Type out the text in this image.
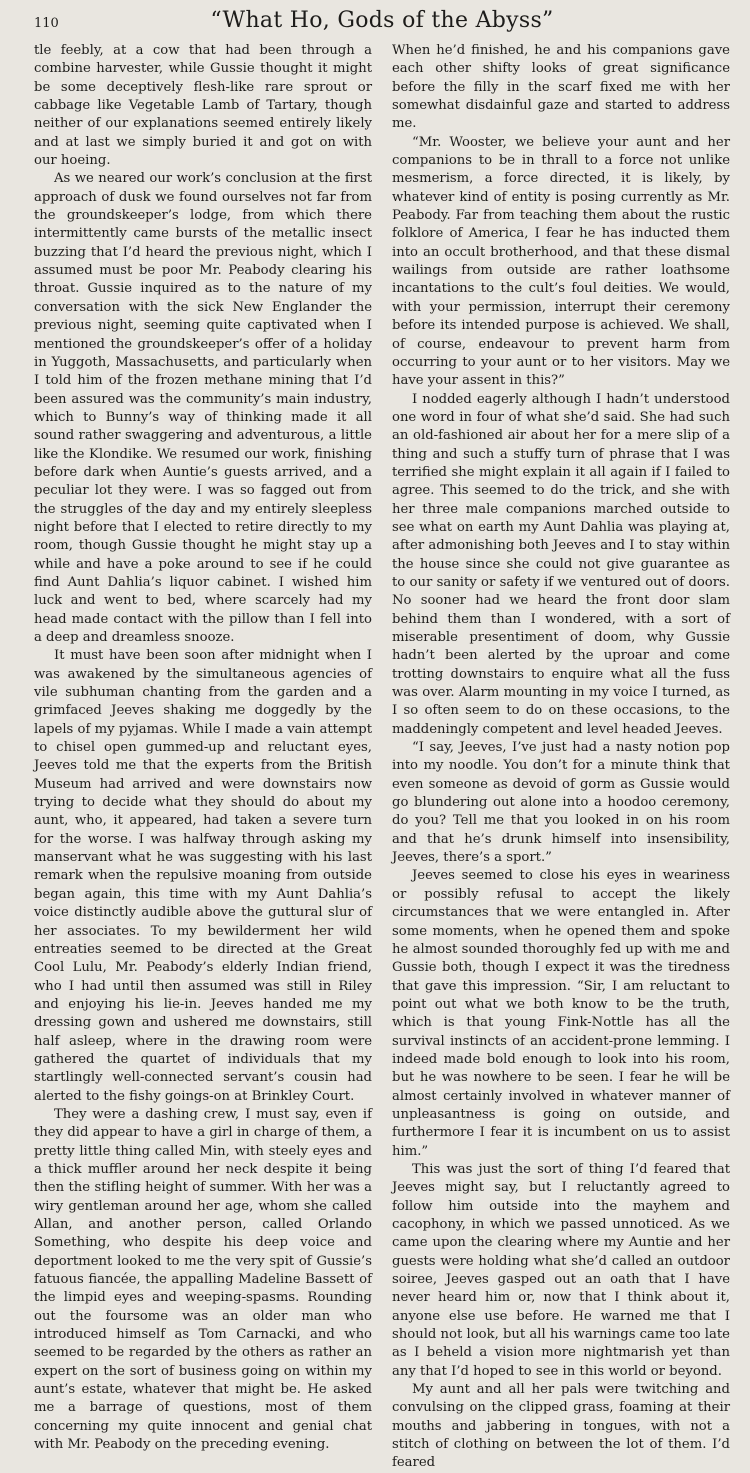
110	“What Ho, Gods of the Abyss”

tle feebly, at a cow that had been through a combine harvester, while Gussie thought it might be some deceptively flesh-like rare sprout or cabbage like Vegetable Lamb of Tartary, though neither of our explanations seemed entirely likely and at last we simply buried it and got on with our hoeing.

As we neared our work’s conclusion at the first approach of dusk we found ourselves not far from the groundskeeper’s lodge, from which there intermittently came bursts of the metallic insect buzzing that I’d heard the previous night, which I assumed must be poor Mr. Peabody clearing his throat. Gussie inquired as to the nature of my conversation with the sick New Englander the previous night, seeming quite captivated when I mentioned the groundskeeper’s offer of a holiday in Yuggoth, Massachusetts, and particularly when I told him of the frozen methane mining that I’d been assured was the community’s main industry, which to Bunny’s way of thinking made it all sound rather swaggering and adventurous, a little like the Klondike. We resumed our work, finishing before dark when Auntie’s guests arrived, and a peculiar lot they were. I was so fagged out from the struggles of the day and my entirely sleepless night before that I elected to retire directly to my room, though Gussie thought he might stay up a while and have a poke around to see if he could find Aunt Dahlia’s liquor cabinet. I wished him luck and went to bed, where scarcely had my head made contact with the pillow than I fell into a deep and dreamless snooze.

It must have been soon after midnight when I was awakened by the simultaneous agencies of vile subhuman chanting from the garden and a grimfaced Jeeves shaking me doggedly by the lapels of my pyjamas. While I made a vain attempt to chisel open gummed-up and reluctant eyes, Jeeves told me that the experts from the British Museum had arrived and were downstairs now trying to decide what they should do about my aunt, who, it appeared, had taken a severe turn for the worse. I was halfway through asking my manservant what he was suggesting with his last remark when the repulsive moaning from outside began again, this time with my Aunt Dahlia’s voice distinctly audible above the guttural slur of her associates. To my bewilderment her wild entreaties seemed to be directed at the Great Cool Lulu, Mr. Peabody’s elderly Indian friend, who I had until then assumed was still in Riley and enjoying his lie-in. Jeeves handed me my dressing gown and ushered me downstairs, still half asleep, where in the drawing room were gathered the quartet of individuals that my startlingly well-connected servant’s cousin had alerted to the fishy goings-on at Brinkley Court.

They were a dashing crew, I must say, even if they did appear to have a girl in charge of them, a pretty little thing called Min, with steely eyes and a thick muffler around her neck despite it being then the stifling height of summer. With her was a wiry gentleman around her age, whom she called Allan, and another person, called Orlando Something, who despite his deep voice and deportment looked to me the very spit of Gussie’s fatuous fiancée, the appalling Madeline Bassett of the limpid eyes and weeping-spasms. Rounding out the foursome was an older man who introduced himself as Tom Carnacki, and who seemed to be regarded by the others as rather an expert on the sort of business going on within my aunt’s estate, whatever that might be. He asked me a barrage of questions, most of them concerning my quite innocent and genial chat with Mr. Peabody on the preceding evening.

When he’d finished, he and his companions gave each other shifty looks of great significance before the filly in the scarf fixed me with her somewhat disdainful gaze and started to address me.

“Mr. Wooster, we believe your aunt and her companions to be in thrall to a force not unlike mesmerism, a force directed, it is likely, by whatever kind of entity is posing currently as Mr. Peabody. Far from teaching them about the rustic folklore of America, I fear he has inducted them into an occult brotherhood, and that these dismal wailings from outside are rather loathsome incantations to the cult’s foul deities. We would, with your permission, interrupt their ceremony before its intended purpose is achieved. We shall, of course, endeavour to prevent harm from occurring to your aunt or to her visitors. May we have your assent in this?”

I nodded eagerly although I hadn’t understood one word in four of what she’d said. She had such an old-fashioned air about her for a mere slip of a thing and such a stuffy turn of phrase that I was terrified she might explain it all again if I failed to agree. This seemed to do the trick, and she with her three male companions marched outside to see what on earth my Aunt Dahlia was playing at, after admonishing both Jeeves and I to stay within the house since she could not give guarantee as to our sanity or safety if we ventured out of doors. No sooner had we heard the front door slam behind them than I wondered, with a sort of miserable presentiment of doom, why Gussie hadn’t been alerted by the uproar and come trotting downstairs to enquire what all the fuss was over. Alarm mounting in my voice I turned, as I so often seem to do on these occasions, to the maddeningly competent and level headed Jeeves.

“I say, Jeeves, I’ve just had a nasty notion pop into my noodle. You don’t for a minute think that even someone as devoid of gorm as Gussie would go blundering out alone into a hoodoo ceremony, do you? Tell me that you looked in on his room and that he’s drunk himself into insensibility, Jeeves, there’s a sport.”

Jeeves seemed to close his eyes in weariness or possibly refusal to accept the likely circumstances that we were entangled in. After some moments, when he opened them and spoke he almost sounded thoroughly fed up with me and Gussie both, though I expect it was the tiredness that gave this impression. “Sir, I am reluctant to point out what we both know to be the truth, which is that young Fink-Nottle has all the survival instincts of an accident-prone lemming. I indeed made bold enough to look into his room, but he was nowhere to be seen. I fear he will be almost certainly involved in whatever manner of unpleasantness is going on outside, and furthermore I fear it is incumbent on us to assist him.”

This was just the sort of thing I’d feared that Jeeves might say, but I reluctantly agreed to follow him outside into the mayhem and cacophony, in which we passed unnoticed. As we came upon the clearing where my Auntie and her guests were holding what she’d called an outdoor soiree, Jeeves gasped out an oath that I have never heard him or, now that I think about it, anyone else use before. He warned me that I should not look, but all his warnings came too late as I beheld a vision more nightmarish yet than any that I’d hoped to see in this world or beyond.

My aunt and all her pals were twitching and convulsing on the clipped grass, foaming at their mouths and jabbering in tongues, with not a stitch of clothing on between the lot of them. I’d feared
